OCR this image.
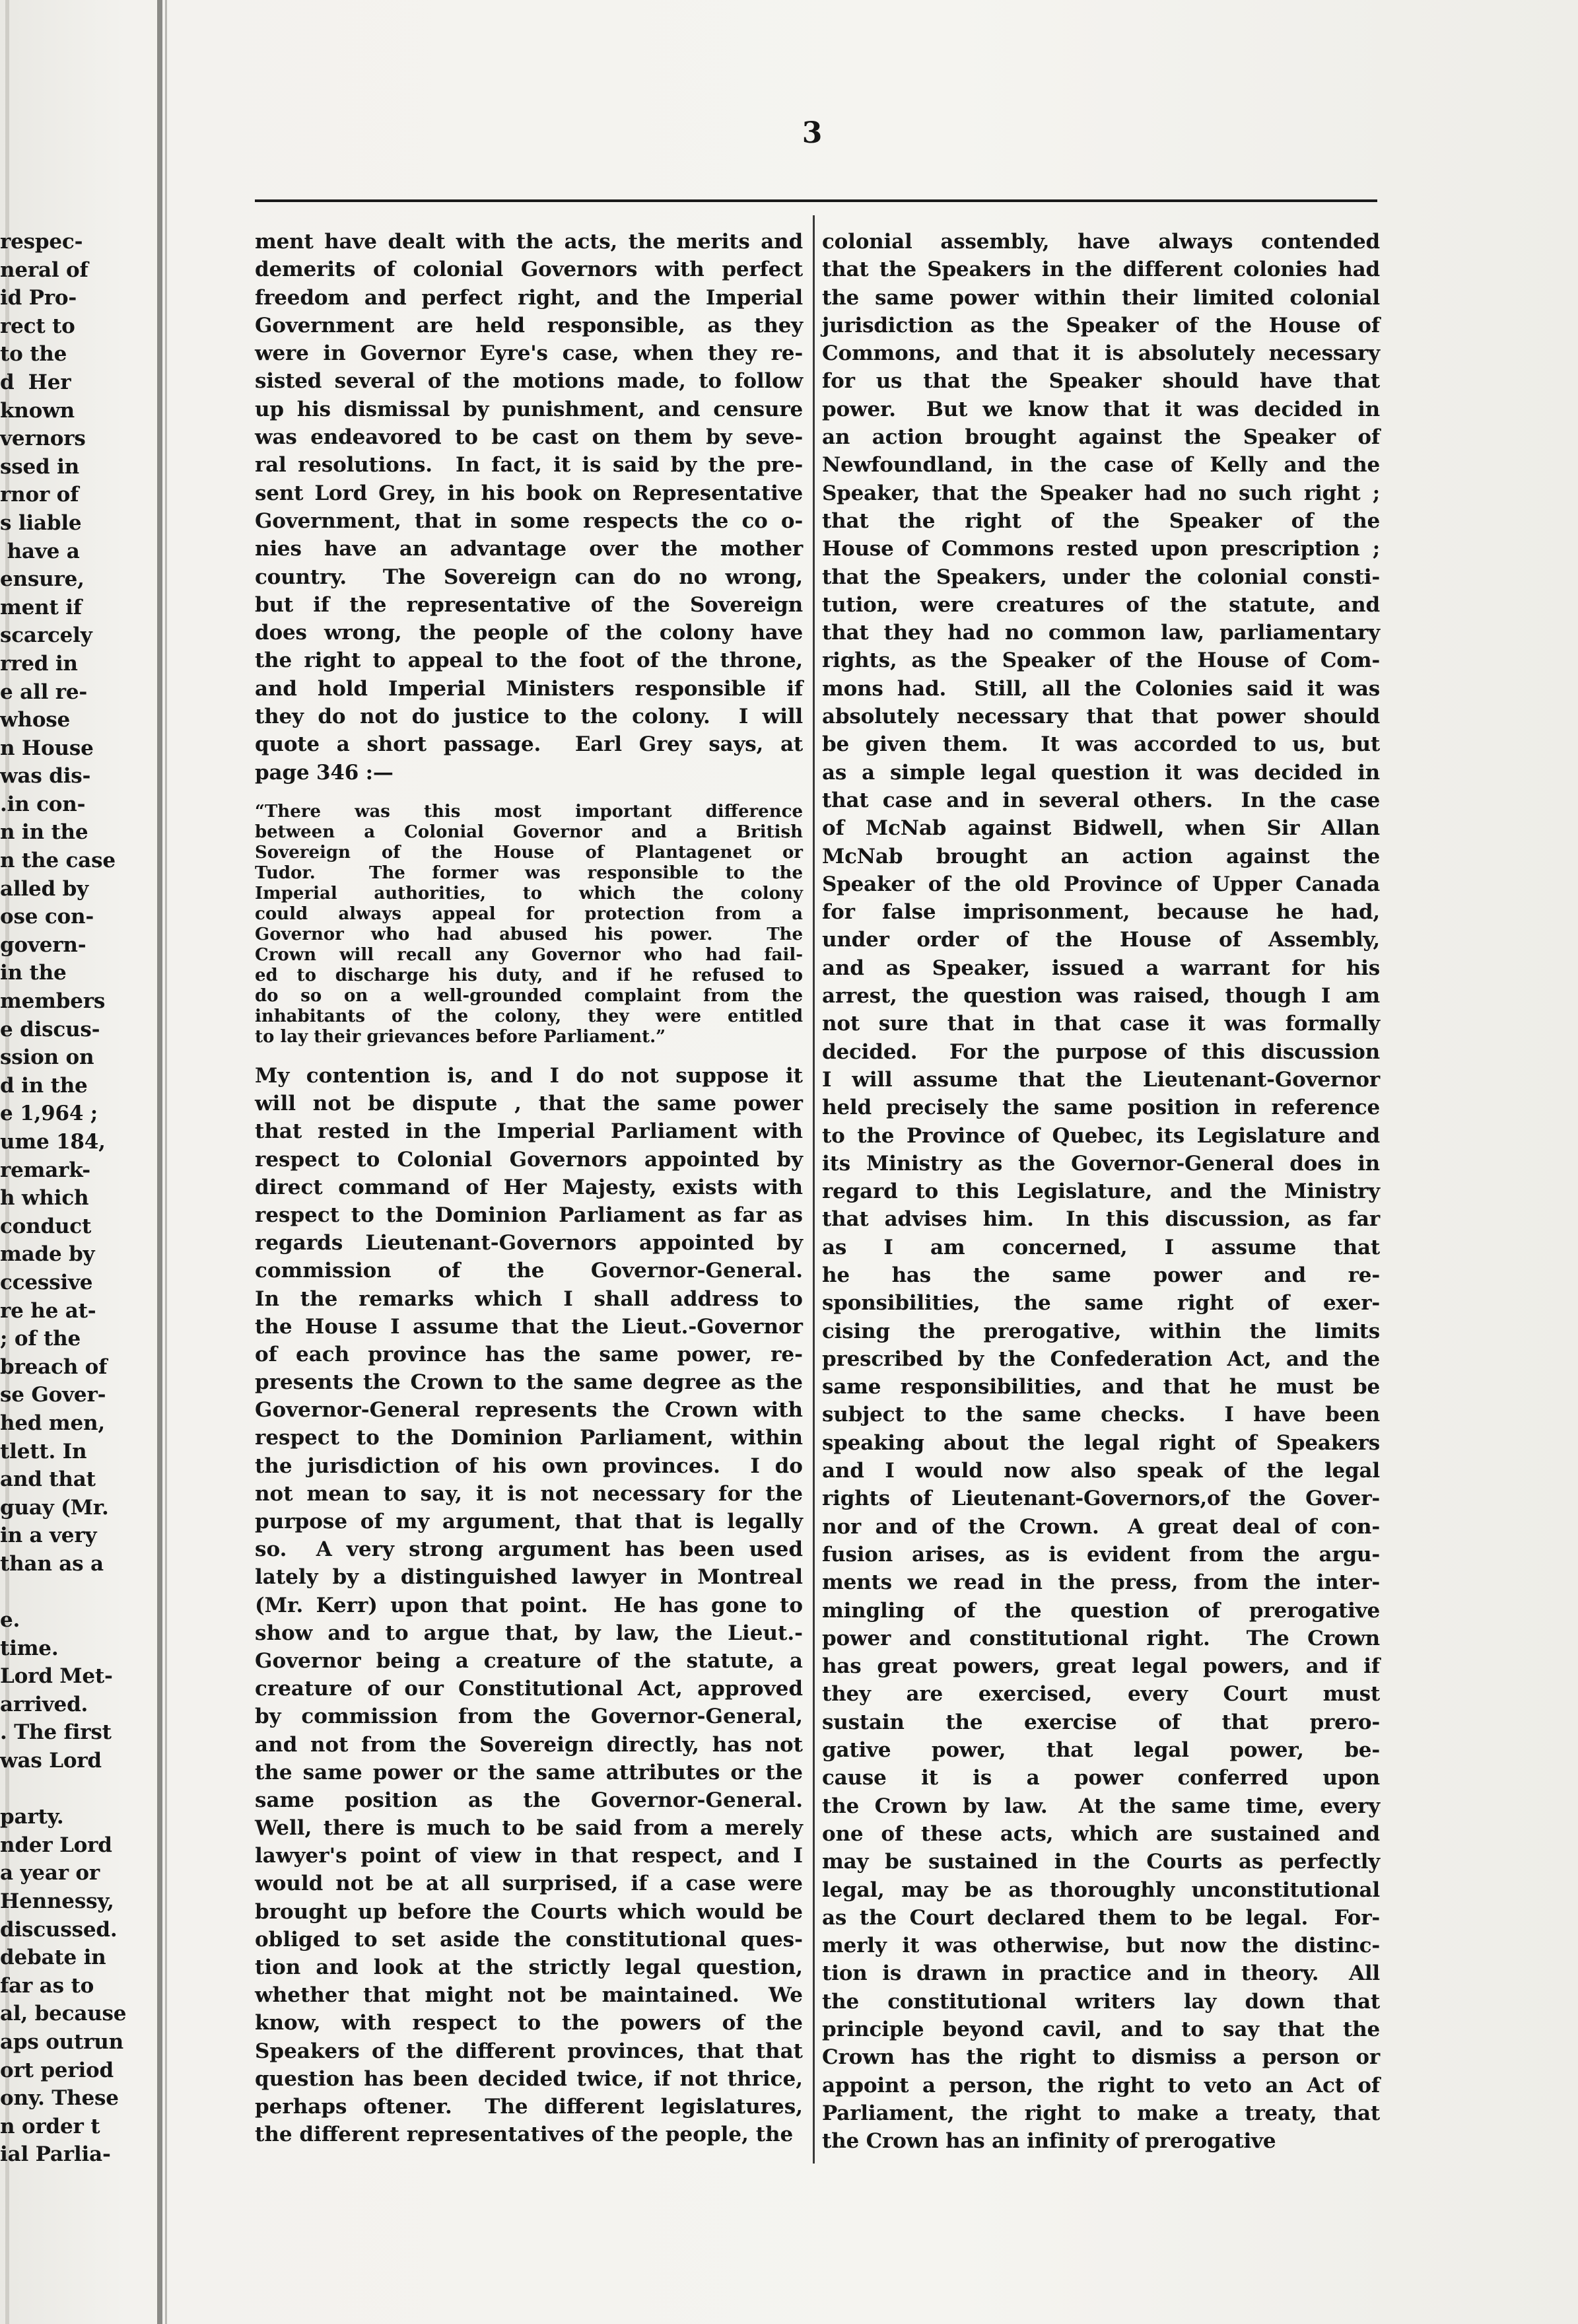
3
respec-
neral of
id Pro-
rect to
to the
d  Her
known
vernors
ssed in
rnor of
s liable
have a
ensure,
ment if
scarcely
rred in
e all re-
whose
n House
was dis-
.in con-
n in the
n the case
alled by
ose con-
govern-
in the
members
e discus-
ssion on
d in the
e 1,964 ;
ume 184,
remark-
h which
conduct
made by
ccessive
re he at-
; of the
breach of
se Gover-
hed men,
tlett. In
and that
guay (Mr.
in a very
than as a
e.
time.
Lord Met-
arrived.
. The first
was Lord
party.
nder Lord
a year or
Hennessy,
discussed.
debate in
far as to
al, because
aps outrun
ort period
ony. These
n order t
ial Parlia-
ment have dealt with the acts, the merits and
demerits of colonial Governors with perfect
freedom and perfect right, and the Imperial
Government are held responsible, as they
were in Governor Eyre's case, when they re-
sisted several of the motions made, to follow
up his dismissal by punishment, and censure
was endeavored to be cast on them by seve-
ral resolutions.  In fact, it is said by the pre-
sent Lord Grey, in his book on Representative
Government, that in some respects the co o-
nies have an advantage over the mother
country.  The Sovereign can do no wrong,
but if the representative of the Sovereign
does wrong, the people of the colony have
the right to appeal to the foot of the throne,
and hold Imperial Ministers responsible if
they do not do justice to the colony.  I will
quote a short passage.  Earl Grey says, at
page 346 :—
“There was this most important difference
between a Colonial Governor and a British
Sovereign of the House of Plantagenet or
Tudor.  The former was responsible to the
Imperial authorities, to which the colony
could always appeal for protection from a
Governor who had abused his power.  The
Crown will recall any Governor who had fail-
ed to discharge his duty, and if he refused to
do so on a well-grounded complaint from the
inhabitants of the colony, they were entitled
to lay their grievances before Parliament.”
My contention is, and I do not suppose it
will not be dispute , that the same power
that rested in the Imperial Parliament with
respect to Colonial Governors appointed by
direct command of Her Majesty, exists with
respect to the Dominion Parliament as far as
regards Lieutenant-Governors appointed by
commission    of    the    Governor-General.
In the remarks which I shall address to
the House I assume that the Lieut.-Governor
of each province has the same power, re-
presents the Crown to the same degree as the
Governor-General represents the Crown with
respect to the Dominion Parliament, within
the jurisdiction of his own provinces.  I do
not mean to say, it is not necessary for the
purpose of my argument, that that is legally
so.  A very strong argument has been used
lately by a distinguished lawyer in Montreal
(Mr. Kerr) upon that point.  He has gone to
show and to argue that, by law, the Lieut.-
Governor being a creature of the statute, a
creature of our Constitutional Act, approved
by commission from the Governor-General,
and not from the Sovereign directly, has not
the same power or the same attributes or the
same   position   as   the   Governor-General.
Well, there is much to be said from a merely
lawyer's point of view in that respect, and I
would not be at all surprised, if a case were
brought up before the Courts which would be
obliged to set aside the constitutional ques-
tion and look at the strictly legal question,
whether that might not be maintained.  We
know, with respect to the powers of the
Speakers of the different provinces, that that
question has been decided twice, if not thrice,
perhaps oftener.  The different legislatures,
the different representatives of the people, the
colonial assembly, have always contended
that the Speakers in the different colonies had
the same power within their limited colonial
jurisdiction as the Speaker of the House of
Commons, and that it is absolutely necessary
for us that the Speaker should have that
power.  But we know that it was decided in
an action brought against the Speaker of
Newfoundland, in the case of Kelly and the
Speaker, that the Speaker had no such right ;
that  the  right  of  the  Speaker  of  the
House of Commons rested upon prescription ;
that the Speakers, under the colonial consti-
tution, were creatures of the statute, and
that they had no common law, parliamentary
rights, as the Speaker of the House of Com-
mons had.  Still, all the Colonies said it was
absolutely necessary that that power should
be given them.  It was accorded to us, but
as a simple legal question it was decided in
that case and in several others.  In the case
of McNab against Bidwell, when Sir Allan
McNab brought an action against the
Speaker of the old Province of Upper Canada
for false imprisonment, because he had,
under order of the House of Assembly,
and as Speaker, issued a warrant for his
arrest, the question was raised, though I am
not sure that in that case it was formally
decided.  For the purpose of this discussion
I will assume that the Lieutenant-Governor
held precisely the same position in reference
to the Province of Quebec, its Legislature and
its Ministry as the Governor-General does in
regard to this Legislature, and the Ministry
that advises him.  In this discussion, as far
as   I   am   concerned,   I   assume   that
he   has   the   same   power   and   re-
sponsibilities,  the  same  right  of  exer-
cising the prerogative, within the limits
prescribed by the Confederation Act, and the
same responsibilities, and that he must be
subject to the same checks.  I have been
speaking about the legal right of Speakers
and I would now also speak of the legal
rights of Lieutenant-Governors,of the Gover-
nor and of the Crown.  A great deal of con-
fusion arises, as is evident from the argu-
ments we read in the press, from the inter-
mingling of the question of prerogative
power and constitutional right.  The Crown
has great powers, great legal powers, and if
they are exercised, every Court must
sustain  the  exercise  of  that  prero-
gative  power,  that  legal  power,  be-
cause it is a power conferred upon
the Crown by law.  At the same time, every
one of these acts, which are sustained and
may be sustained in the Courts as perfectly
legal, may be as thoroughly unconstitutional
as the Court declared them to be legal.  For-
merly it was otherwise, but now the distinc-
tion is drawn in practice and in theory.  All
the constitutional writers lay down that
principle beyond cavil, and to say that the
Crown has the right to dismiss a person or
appoint a person, the right to veto an Act of
Parliament, the right to make a treaty, that
the Crown has an infinity of prerogative
